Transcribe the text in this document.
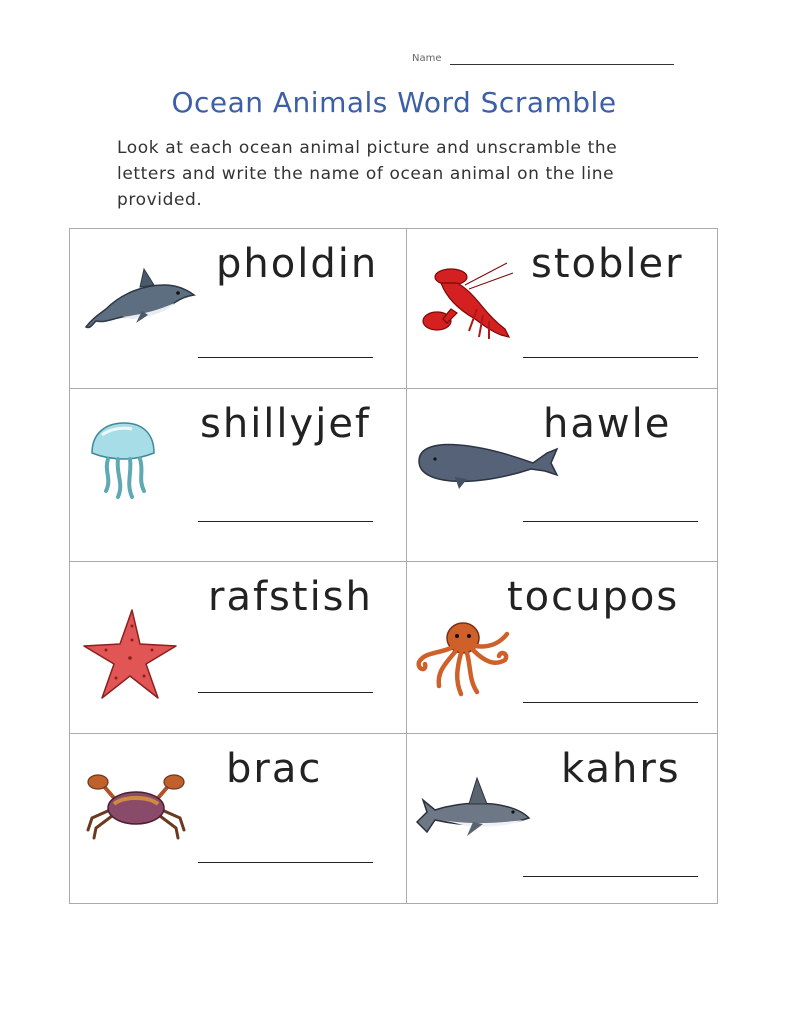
Name
Ocean Animals Word Scramble
Look at each ocean animal picture and unscramble the letters and write the name of ocean animal on the line provided.
pholdin	stobler
shillyjef	hawle
rafstish	tocupos
brac	kahrs
